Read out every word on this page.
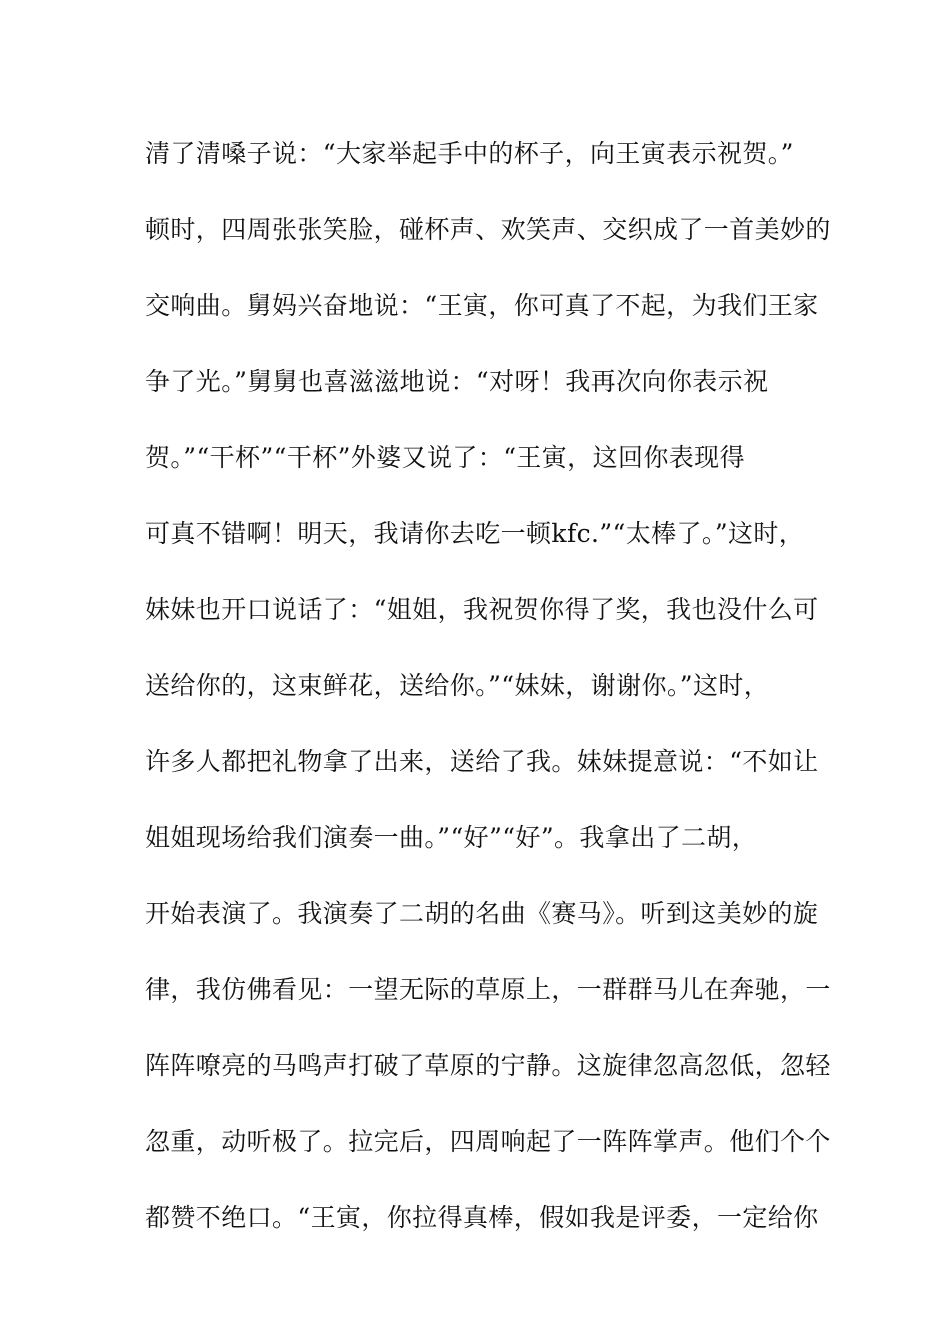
清了清嗓子说：“大家举起手中的杯子，向王寅表示祝贺。”
顿时，四周张张笑脸，碰杯声、欢笑声、交织成了一首美妙的
交响曲。舅妈兴奋地说：“王寅，你可真了不起，为我们王家
争了光。”舅舅也喜滋滋地说：“对呀！我再次向你表示祝
贺。”“干杯”“干杯”外婆又说了：“王寅，这回你表现得
可真不错啊！明天，我请你去吃一顿kfc.”“太棒了。”这时，
妹妹也开口说话了：“姐姐，我祝贺你得了奖，我也没什么可
送给你的，这束鲜花，送给你。”“妹妹，谢谢你。”这时，
许多人都把礼物拿了出来，送给了我。妹妹提意说：“不如让
姐姐现场给我们演奏一曲。”“好”“好”。我拿出了二胡，
开始表演了。我演奏了二胡的名曲《赛马》。听到这美妙的旋
律，我仿佛看见：一望无际的草原上，一群群马儿在奔驰，一
阵阵嘹亮的马鸣声打破了草原的宁静。这旋律忽高忽低，忽轻
忽重，动听极了。拉完后，四周响起了一阵阵掌声。他们个个
都赞不绝口。“王寅，你拉得真棒，假如我是评委，一定给你
